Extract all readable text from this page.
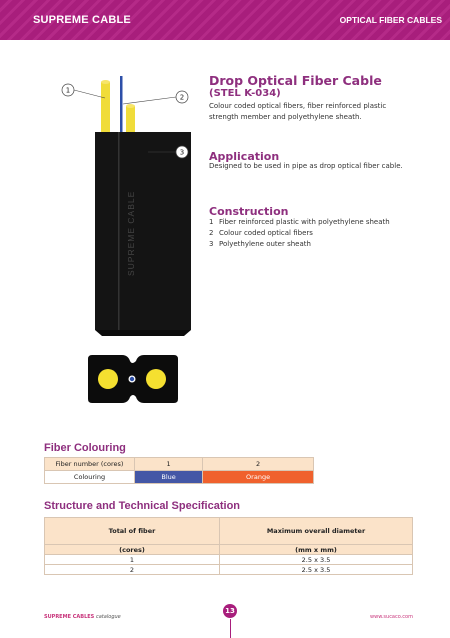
SUPREME CABLE	OPTICAL FIBER CABLES
SUPREME CABLE
1
2
3
Drop Optical Fiber Cable
(STEL K-034)
Colour coded optical fibers, fiber reinforced plastic strength member and polyethylene sheath.
Application
Designed to be used in pipe as drop optical fiber cable.
Construction
1 Fiber reinforced plastic with polyethylene sheath
2 Colour coded optical fibers
3 Polyethylene outer sheath
Fiber Colouring
Fiber number (cores)	1	2
Colouring	Blue	Orange
Structure and Technical Specification
Total of fiber	Maximum overall diameter
(cores)	(mm x mm)
1	2.5 x 3.5
2	2.5 x 3.5
SUPREME CABLES catalogue
13
www.sucaco.com
